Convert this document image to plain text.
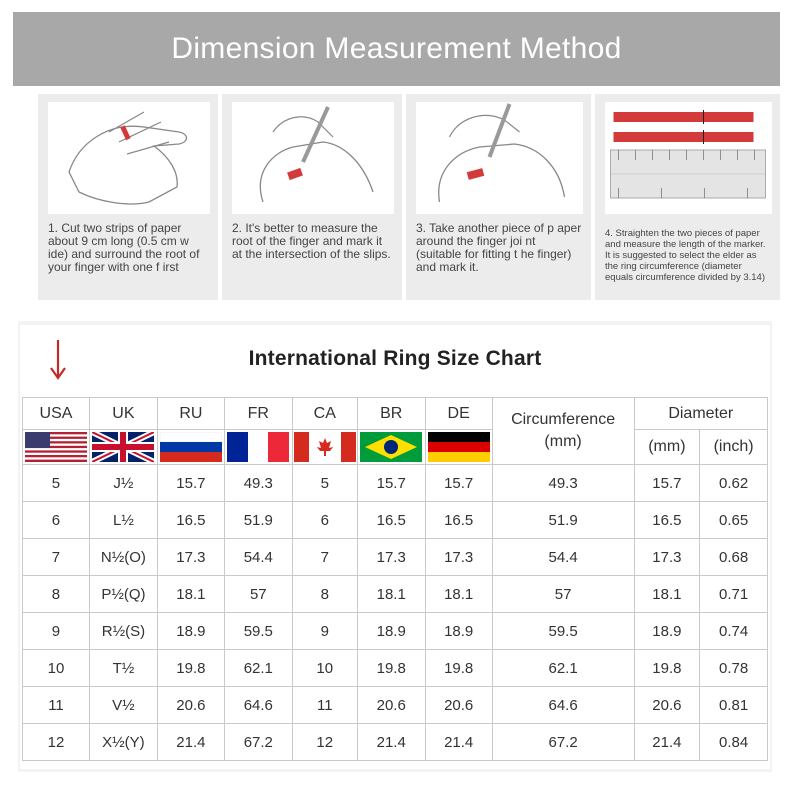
Dimension Measurement Method
1. Cut two strips of paper about 9 cm long (0.5 cm w ide) and surround the root of your finger with one f irst
2. It's better to measure the root of the finger and mark it at the intersection of the slips.
3. Take another piece of p aper around the finger joi nt (suitable for fitting t he finger) and mark it.
4. Straighten the two pieces of paper and measure the length of the marker. It is suggested to select the elder as the ring circumference (diameter equals circumference divided by 3.14)
International Ring Size Chart
USA	UK	RU	FR	CA	BR	DE	Circumference (mm)	Diameter	

	(mm)	(inch)
5	J½	15.7	49.3	5	15.7	15.7	49.3	15.7	0.62
6	L½	16.5	51.9	6	16.5	16.5	51.9	16.5	0.65
7	N½(O)	17.3	54.4	7	17.3	17.3	54.4	17.3	0.68
8	P½(Q)	18.1	57	8	18.1	18.1	57	18.1	0.71
9	R½(S)	18.9	59.5	9	18.9	18.9	59.5	18.9	0.74
10	T½	19.8	62.1	10	19.8	19.8	62.1	19.8	0.78
11	V½	20.6	64.6	11	20.6	20.6	64.6	20.6	0.81
12	X½(Y)	21.4	67.2	12	21.4	21.4	67.2	21.4	0.84
